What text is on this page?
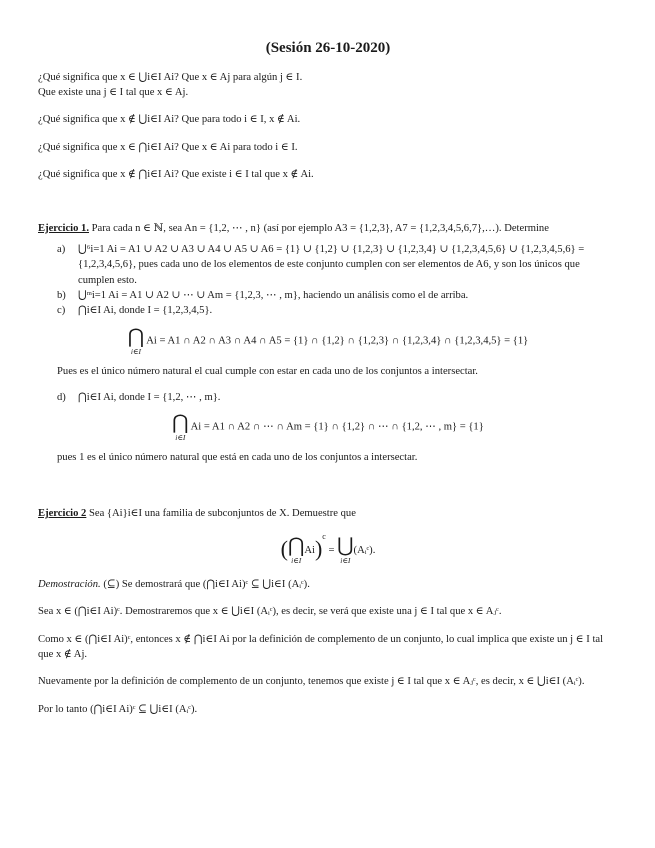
(Sesión 26-10-2020)

¿Qué significa que x ∈ ⋃i∈I Ai? Que x ∈ Aj para algún j ∈ I.

Que existe una j ∈ I tal que x ∈ Aj.

¿Qué significa que x ∉ ⋃i∈I Ai? Que para todo i ∈ I, x ∉ Ai.

¿Qué significa que x ∈ ⋂i∈I Ai? Que x ∈ Ai para todo i ∈ I.

¿Qué significa que x ∉ ⋂i∈I Ai? Que existe i ∈ I tal que x ∉ Ai.

Ejercicio 1. Para cada n ∈ ℕ, sea An = {1,2, ⋯ , n} (así por ejemplo A3 = {1,2,3}, A7 = {1,2,3,4,5,6,7},…). Determine

a) ⋃⁶i=1 Ai = A1 ∪ A2 ∪ A3 ∪ A4 ∪ A5 ∪ A6 = {1} ∪ {1,2} ∪ {1,2,3} ∪ {1,2,3,4} ∪ {1,2,3,4,5,6} ∪ {1,2,3,4,5,6} = {1,2,3,4,5,6}, pues cada uno de los elementos de este conjunto cumplen con ser elementos de A6, y son los únicos que cumplen esto.
b) ⋃ᵐi=1 Ai = A1 ∪ A2 ∪ ⋯ ∪ Am = {1,2,3, ⋯ , m}, haciendo un análisis como el de arriba.
c) ⋂i∈I Ai, donde I = {1,2,3,4,5}.
⋂
i∈I
Ai = A1 ∩ A2 ∩ A3 ∩ A4 ∩ A5 = {1} ∩ {1,2} ∩ {1,2,3} ∩ {1,2,3,4} ∩ {1,2,3,4,5} = {1}

Pues es el único número natural el cual cumple con estar en cada uno de los conjuntos a intersectar.

d) ⋂i∈I Ai, donde I = {1,2, ⋯ , m}.
⋂
i∈I
Ai = A1 ∩ A2 ∩ ⋯ ∩ Am = {1} ∩ {1,2} ∩ ⋯ ∩ {1,2, ⋯ , m} = {1}

pues 1 es el único número natural que está en cada uno de los conjuntos a intersectar.

Ejercicio 2 Sea {Ai}i∈I una familia de subconjuntos de X. Demuestre que

(⋂
i∈I
Ai)$^c$ = ⋃
i∈I
(Aᵢᶜ).

Demostración. (⊆) Se demostrará que (⋂i∈I Ai)ᶜ ⊆ ⋃i∈I (Aᵢᶜ).

Sea x ∈ (⋂i∈I Ai)ᶜ. Demostraremos que x ∈ ⋃i∈I (Aᵢᶜ), es decir, se verá que existe una j ∈ I tal que x ∈ Aⱼᶜ.

Como x ∈ (⋂i∈I Ai)ᶜ, entonces x ∉ ⋂i∈I Ai por la definición de complemento de un conjunto, lo cual implica que existe un j ∈ I tal que x ∉ Aj.

Nuevamente por la definición de complemento de un conjunto, tenemos que existe j ∈ I tal que x ∈ Aⱼᶜ, es decir, x ∈ ⋃i∈I (Aᵢᶜ).

Por lo tanto (⋂i∈I Ai)ᶜ ⊆ ⋃i∈I (Aᵢᶜ).
